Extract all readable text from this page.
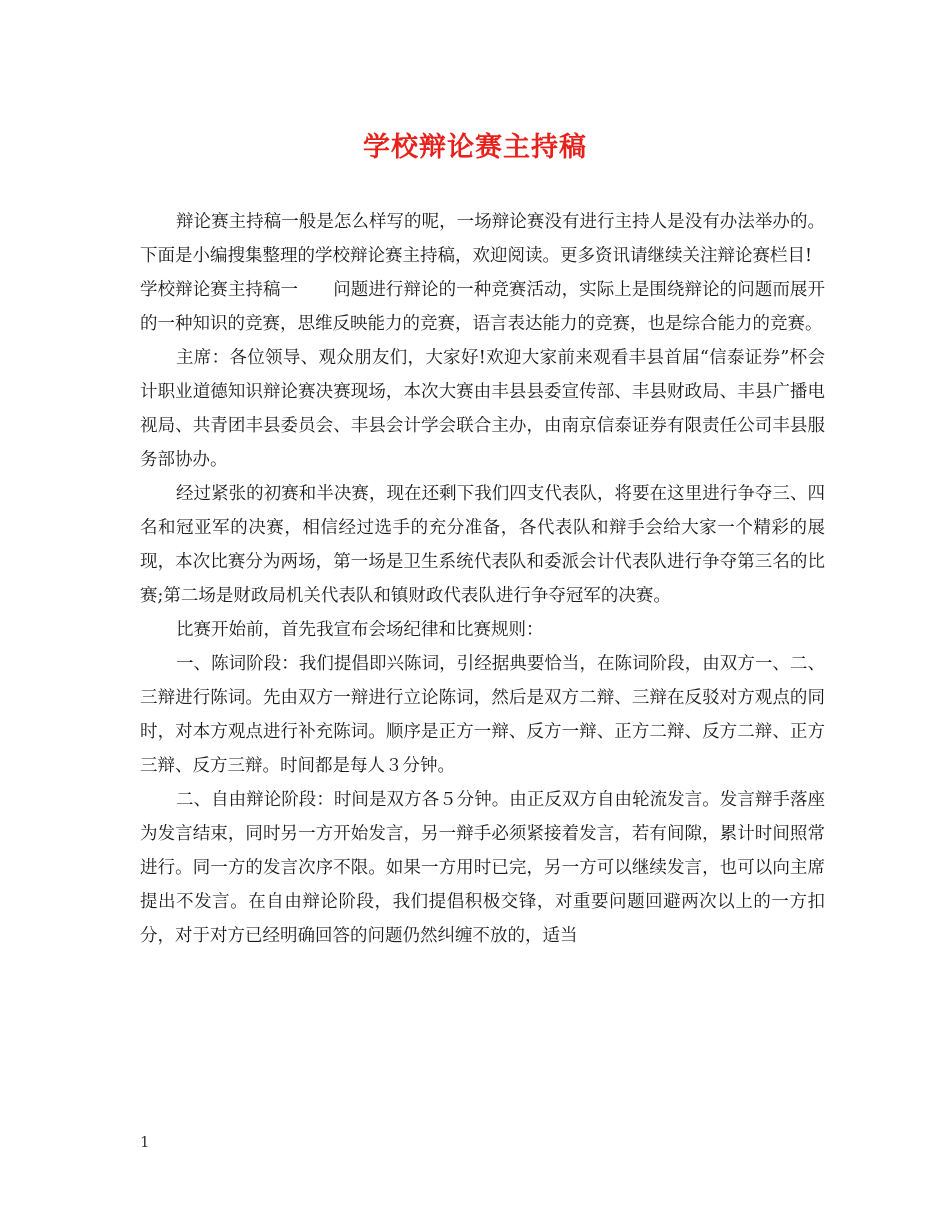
学校辩论赛主持稿

辩论赛主持稿一般是怎么样写的呢，一场辩论赛没有进行主持人是没有办法举办的。下面是小编搜集整理的学校辩论赛主持稿，欢迎阅读。更多资讯请继续关注辩论赛栏目!

学校辩论赛主持稿一　　问题进行辩论的一种竞赛活动，实际上是围绕辩论的问题而展开的一种知识的竞赛，思维反映能力的竞赛，语言表达能力的竞赛，也是综合能力的竞赛。

主席：各位领导、观众朋友们，大家好!欢迎大家前来观看丰县首届“信泰证券”杯会计职业道德知识辩论赛决赛现场，本次大赛由丰县县委宣传部、丰县财政局、丰县广播电视局、共青团丰县委员会、丰县会计学会联合主办，由南京信泰证券有限责任公司丰县服务部协办。

经过紧张的初赛和半决赛，现在还剩下我们四支代表队，将要在这里进行争夺三、四名和冠亚军的决赛，相信经过选手的充分准备，各代表队和辩手会给大家一个精彩的展现，本次比赛分为两场，第一场是卫生系统代表队和委派会计代表队进行争夺第三名的比赛;第二场是财政局机关代表队和镇财政代表队进行争夺冠军的决赛。

比赛开始前，首先我宣布会场纪律和比赛规则：

一、陈词阶段：我们提倡即兴陈词，引经据典要恰当，在陈词阶段，由双方一、二、三辩进行陈词。先由双方一辩进行立论陈词，然后是双方二辩、三辩在反驳对方观点的同时，对本方观点进行补充陈词。顺序是正方一辩、反方一辩、正方二辩、反方二辩、正方三辩、反方三辩。时间都是每人３分钟。

二、自由辩论阶段：时间是双方各５分钟。由正反双方自由轮流发言。发言辩手落座为发言结束，同时另一方开始发言，另一辩手必须紧接着发言，若有间隙，累计时间照常进行。同一方的发言次序不限。如果一方用时已完，另一方可以继续发言，也可以向主席提出不发言。在自由辩论阶段，我们提倡积极交锋，对重要问题回避两次以上的一方扣分，对于对方已经明确回答的问题仍然纠缠不放的，适当

1
